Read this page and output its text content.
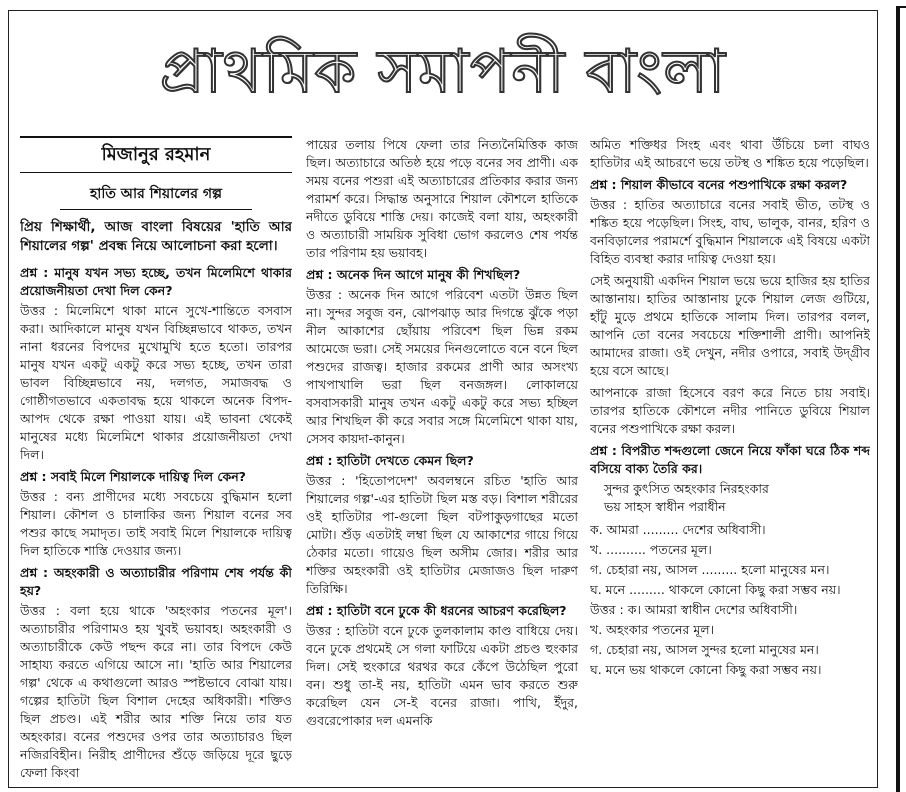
প্রাথমিক সমাপনী বাংলা
মিজানুর রহমান
হাতি আর শিয়ালের গল্প

প্রিয় শিক্ষার্থী, আজ বাংলা বিষয়ের 'হাতি আর শিয়ালের গল্প' প্রবন্ধ নিয়ে আলোচনা করা হলো।

প্রশ্ন : মানুষ যখন সভ্য হচ্ছে, তখন মিলেমিশে থাকার প্রয়োজনীয়তা দেখা দিল কেন?

উত্তর : মিলেমিশে থাকা মানে সুখে-শান্তিতে বসবাস করা। আদিকালে মানুষ যখন বিচ্ছিন্নভাবে থাকত, তখন নানা ধরনের বিপদের মুখোমুখি হতে হতো। তারপর মানুষ যখন একটু একটু করে সভ্য হচ্ছে, তখন তারা ভাবল বিচ্ছিন্নভাবে নয়, দলগত, সমাজবদ্ধ ও গোষ্ঠীগতভাবে একতাবদ্ধ হয়ে থাকলে অনেক বিপদ-আপদ থেকে রক্ষা পাওয়া যায়। এই ভাবনা থেকেই মানুষের মধ্যে মিলেমিশে থাকার প্রয়োজনীয়তা দেখা দিল।

প্রশ্ন : সবাই মিলে শিয়ালকে দায়িত্ব দিল কেন?

উত্তর : বন্য প্রাণীদের মধ্যে সবচেয়ে বুদ্ধিমান হলো শিয়াল। কৌশল ও চালাকির জন্য শিয়াল বনের সব পশুর কাছে সমাদৃত। তাই সবাই মিলে শিয়ালকে দায়িত্ব দিল হাতিকে শাস্তি দেওয়ার জন্য।

প্রশ্ন : অহংকারী ও অত্যাচারীর পরিণাম শেষ পর্যন্ত কী হয়?

উত্তর : বলা হয়ে থাকে 'অহংকার পতনের মূল'। অত্যাচারীর পরিণামও হয় খুবই ভয়াবহ। অহংকারী ও অত্যাচারীকে কেউ পছন্দ করে না। তার বিপদে কেউ সাহায্য করতে এগিয়ে আসে না। 'হাতি আর শিয়ালের গল্প' থেকে এ কথাগুলো আরও স্পষ্টভাবে বোঝা যায়। গল্পের হাতিটা ছিল বিশাল দেহের অধিকারী। শক্তিও ছিল প্রচণ্ড। এই শরীর আর শক্তি নিয়ে তার যত অহংকার। বনের পশুদের ওপর তার অত্যাচারও ছিল নজিরবিহীন। নিরীহ প্রাণীদের শুঁড়ে জড়িয়ে দূরে ছুড়ে ফেলা কিংবা

পায়ের তলায় পিষে ফেলা তার নিত্যনৈমিত্তিক কাজ ছিল। অত্যাচারে অতিষ্ঠ হয়ে পড়ে বনের সব প্রাণী। এক সময় বনের পশুরা এই অত্যাচারের প্রতিকার করার জন্য পরামর্শ করে। সিদ্ধান্ত অনুসারে শিয়াল কৌশলে হাতিকে নদীতে ডুবিয়ে শাস্তি দেয়। কাজেই বলা যায়, অহংকারী ও অত্যাচারী সাময়িক সুবিধা ভোগ করলেও শেষ পর্যন্ত তার পরিণাম হয় ভয়াবহ।

প্রশ্ন : অনেক দিন আগে মানুষ কী শিখছিল?

উত্তর : অনেক দিন আগে পরিবেশ এতটা উন্নত ছিল না। সুন্দর সবুজ বন, ঝোপঝাড় আর দিগন্তে ঝুঁকে পড়া নীল আকাশের ছোঁয়ায় পরিবেশ ছিল ভিন্ন রকম আমেজে ভরা। সেই সময়ের দিনগুলোতে বনে বনে ছিল পশুদের রাজত্ব। হাজার রকমের প্রাণী আর অসংখ্য পাখপাখালি ভরা ছিল বনজঙ্গল। লোকালয়ে বসবাসকারী মানুষ তখন একটু একটু করে সভ্য হচ্ছিল আর শিখছিল কী করে সবার সঙ্গে মিলেমিশে থাকা যায়, সেসব কায়দা-কানুন।

প্রশ্ন : হাতিটা দেখতে কেমন ছিল?

উত্তর : 'হিতোপদেশ' অবলম্বনে রচিত 'হাতি আর শিয়ালের গল্প'-এর হাতিটা ছিল মস্ত বড়। বিশাল শরীরের ওই হাতিটার পা-গুলো ছিল বটপাকুড়গাছের মতো মোটা। শুঁড় এতটাই লম্বা ছিল যে আকাশের গায়ে গিয়ে ঠেকার মতো। গায়েও ছিল অসীম জোর। শরীর আর শক্তির অহংকারী ওই হাতিটার মেজাজও ছিল দারুণ তিরিক্ষি।

প্রশ্ন : হাতিটা বনে ঢুকে কী ধরনের আচরণ করেছিল?

উত্তর : হাতিটা বনে ঢুকে তুলকালাম কাণ্ড বাধিয়ে দেয়। বনে ঢুকে প্রথমেই সে গলা ফাটিয়ে একটা প্রচণ্ড হুংকার দিল। সেই হুংকারে থরথর করে কেঁপে উঠেছিল পুরো বন। শুধু তা-ই নয়, হাতিটা এমন ভাব করতে শুরু করেছিল যেন সে-ই বনের রাজা। পাখি, ইঁদুর, গুবরেপোকার দল এমনকি

অমিত শক্তিধর সিংহ এবং থাবা উঁচিয়ে চলা বাঘও হাতিটার এই আচরণে ভয়ে তটস্থ ও শঙ্কিত হয়ে পড়েছিল।

প্রশ্ন : শিয়াল কীভাবে বনের পশুপাখিকে রক্ষা করল?

উত্তর : হাতির অত্যাচারে বনের সবাই ভীত, তটস্থ ও শঙ্কিত হয়ে পড়েছিল। সিংহ, বাঘ, ভালুক, বানর, হরিণ ও বনবিড়ালের পরামর্শে বুদ্ধিমান শিয়ালকে এই বিষয়ে একটা বিহিত ব্যবস্থা করার দায়িত্ব দেওয়া হয়।

সেই অনুযায়ী একদিন শিয়াল ভয়ে ভয়ে হাজির হয় হাতির আস্তানায়। হাতির আস্তানায় ঢুকে শিয়াল লেজ গুটিয়ে, হাঁটু মুড়ে প্রথমে হাতিকে সালাম দিল। তারপর বলল, আপনি তো বনের সবচেয়ে শক্তিশালী প্রাণী। আপনিই আমাদের রাজা। ওই দেখুন, নদীর ওপারে, সবাই উদ্গ্রীব হয়ে বসে আছে।

আপনাকে রাজা হিসেবে বরণ করে নিতে চায় সবাই। তারপর হাতিকে কৌশলে নদীর পানিতে ডুবিয়ে শিয়াল বনের পশুপাখিকে রক্ষা করল।

প্রশ্ন : বিপরীত শব্দগুলো জেনে নিয়ে ফাঁকা ঘরে ঠিক শব্দ বসিয়ে বাক্য তৈরি কর।
সুন্দর কুৎসিত অহংকার নিরহংকার
ভয় সাহস স্বাধীন পরাধীন
ক. আমরা ......... দেশের অধিবাসী।
খ. .......... পতনের মূল।
গ. চেহারা নয়, আসল ......... হলো মানুষের মন।
ঘ. মনে ......... থাকলে কোনো কিছু করা সম্ভব নয়।
উত্তর : ক। আমরা স্বাধীন দেশের অধিবাসী।
খ. অহংকার পতনের মূল।
গ. চেহারা নয়, আসল সুন্দর হলো মানুষের মন।
ঘ. মনে ভয় থাকলে কোনো কিছু করা সম্ভব নয়।
